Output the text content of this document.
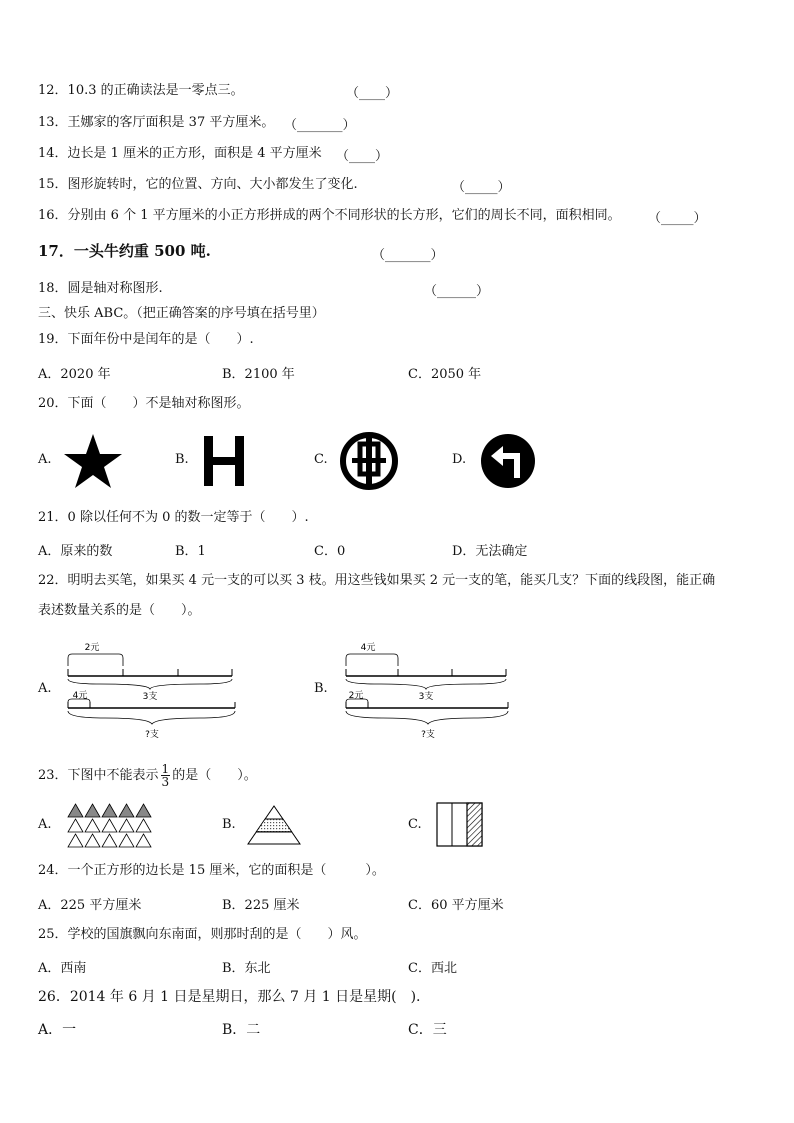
12．10.3 的正确读法是一零点三。	（____）
13．王娜家的客厅面积是 37 平方厘米。 （_______）
14．边长是 1 厘米的正方形，面积是 4 平方厘米 （____）
15．图形旋转时，它的位置、方向、大小都发生了变化.	（_____）
16．分别由 6 个 1 平方厘米的小正方形拼成的两个不同形状的长方形，它们的周长不同，面积相同。 （_____）
17．一头牛约重 500 吨.	（_______）
18．圆是轴对称图形.	（______）
三、快乐 ABC。（把正确答案的序号填在括号里）
19．下面年份中是闰年的是（　　）.
A．2020 年	B．2100 年	C．2050 年
20．下面（　　）不是轴对称图形。
A.	B.	C.	D.
21．0 除以任何不为 0 的数一定等于（　　）.
A．原来的数	B．1	C．0	D．无法确定
22．明明去买笔，如果买 4 元一支的可以买 3 枝。用这些钱如果买 2 元一支的笔，能买几支？下面的线段图，能正确
表述数量关系的是（　　）。
A.
2元
3支
4元
?支
B.
4元
3支
2元
?支
23．下图中不能表示 $\frac{1}{3}$ 的是（　　）。
A.	B.	C.
24．一个正方形的边长是 15 厘米，它的面积是（　　　）。
A．225 平方厘米	B．225 厘米	C．60 平方厘米
25．学校的国旗飘向东南面，则那时刮的是（　　）风。
A．西南	B．东北	C．西北
26．2014 年 6 月 1 日是星期日，那么 7 月 1 日是星期(　).
A．一	B．二	C．三
